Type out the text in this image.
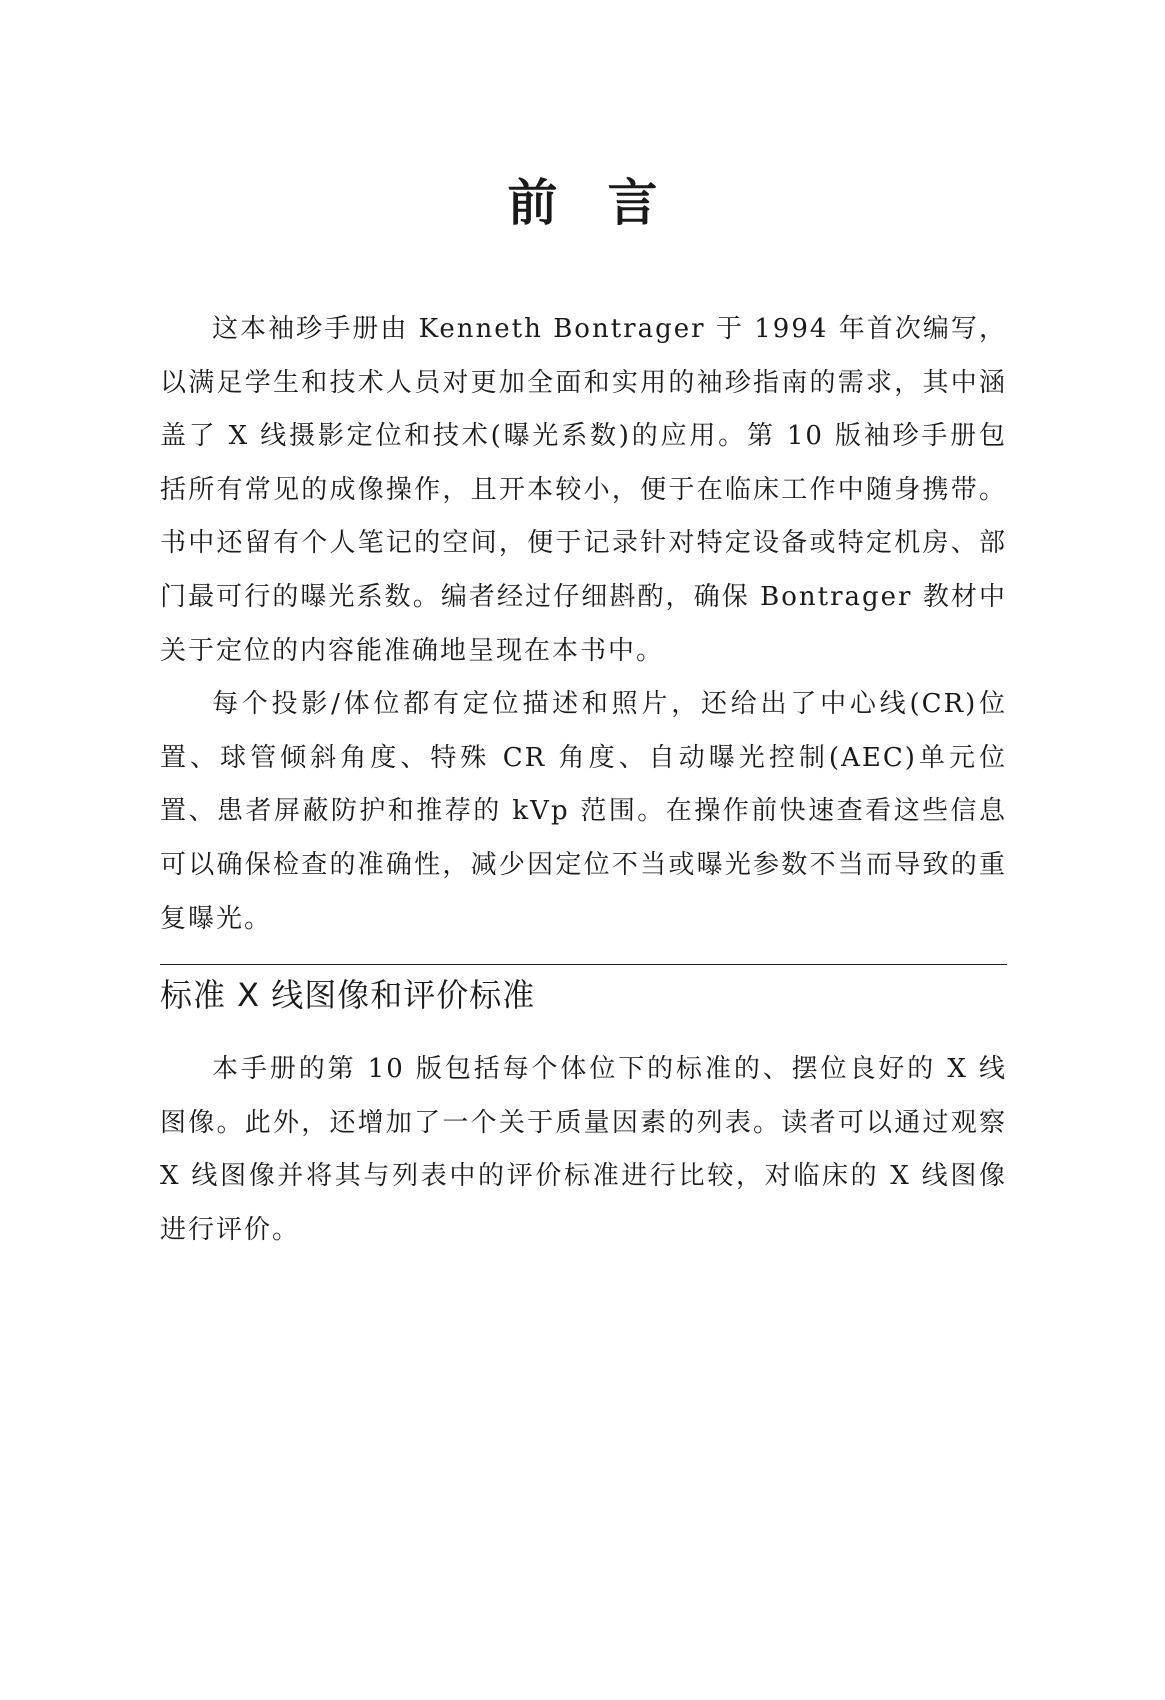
前言

这本袖珍手册由 Kenneth Bontrager 于 1994 年首次编写，以满足学生和技术人员对更加全面和实用的袖珍指南的需求，其中涵盖了 X 线摄影定位和技术(曝光系数)的应用。第 10 版袖珍手册包括所有常见的成像操作，且开本较小，便于在临床工作中随身携带。书中还留有个人笔记的空间，便于记录针对特定设备或特定机房、部门最可行的曝光系数。编者经过仔细斟酌，确保 Bontrager 教材中关于定位的内容能准确地呈现在本书中。

每个投影/体位都有定位描述和照片，还给出了中心线(CR)位置、球管倾斜角度、特殊 CR 角度、自动曝光控制(AEC)单元位置、患者屏蔽防护和推荐的 kVp 范围。在操作前快速查看这些信息可以确保检查的准确性，减少因定位不当或曝光参数不当而导致的重复曝光。

标准 X 线图像和评价标准

本手册的第 10 版包括每个体位下的标准的、摆位良好的 X 线图像。此外，还增加了一个关于质量因素的列表。读者可以通过观察 X 线图像并将其与列表中的评价标准进行比较，对临床的 X 线图像进行评价。
